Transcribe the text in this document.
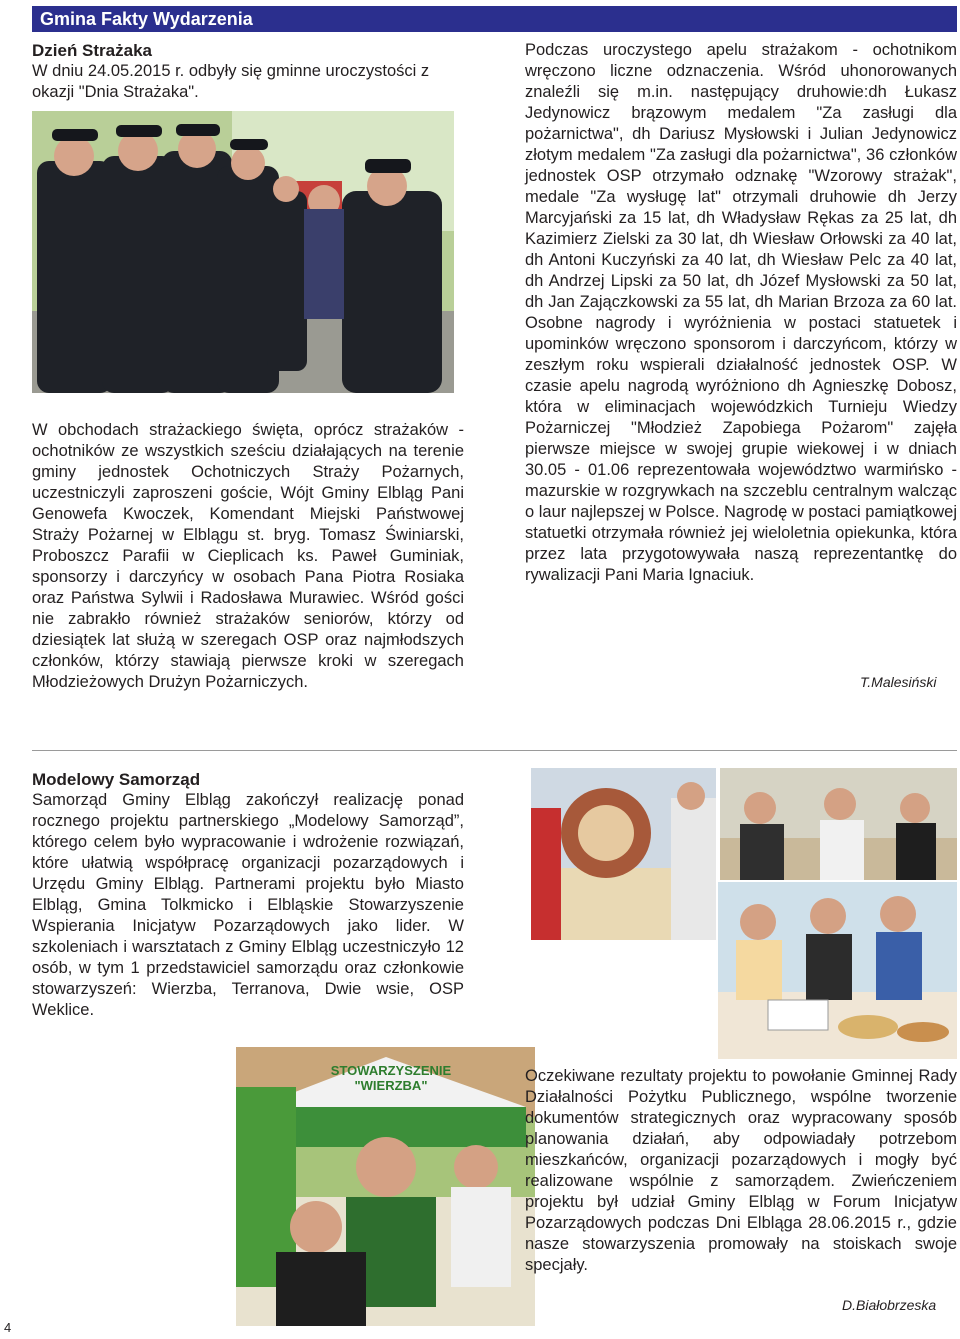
Gmina Fakty Wydarzenia

Dzień Strażaka

W dniu 24.05.2015 r. odbyły się gminne uroczystości z okazji "Dnia Strażaka".

W obchodach strażackiego święta, oprócz strażaków - ochotników ze wszystkich sześciu działających na terenie gminy jednostek Ochotniczych Straży Pożarnych, uczestniczyli zaproszeni goście, Wójt Gminy Elbląg Pani Genowefa Kwoczek, Komendant Miejski Państwowej Straży Pożarnej w Elblągu st. bryg. Tomasz Świniarski, Proboszcz Parafii w Cieplicach ks. Paweł Guminiak, sponsorzy i darczyńcy w osobach Pana Piotra Rosiaka oraz Państwa Sylwii i Radosława Murawiec. Wśród gości nie zabrakło również strażaków seniorów, którzy od dziesiątek lat służą w szeregach OSP oraz najmłodszych członków, którzy stawiają pierwsze kroki w szeregach Młodzieżowych Drużyn Pożarniczych.

Podczas uroczystego apelu strażakom - ochotnikom wręczono liczne odznaczenia. Wśród uhonorowanych znaleźli się m.in. następujący druhowie:dh Łukasz Jedynowicz brązowym medalem "Za zasługi dla pożarnictwa", dh Dariusz Mysłowski i Julian Jedynowicz złotym medalem "Za zasługi dla pożarnictwa", 36 członków jednostek OSP otrzymało odznakę "Wzorowy strażak", medale "Za wysługę lat" otrzymali druhowie dh Jerzy Marcyjański za 15 lat, dh Władysław Rękas za 25 lat, dh Kazimierz Zielski za 30 lat, dh Wiesław Orłowski za 40 lat, dh Antoni Kuczyński za 40 lat, dh Wiesław Pelc za 40 lat, dh Andrzej Lipski za 50 lat, dh Józef Mysłowski za 50 lat, dh Jan Zajączkowski za 55 lat, dh Marian Brzoza za 60 lat. Osobne nagrody i wyróżnienia w postaci statuetek i upominków wręczono sponsorom i darczyńcom, którzy w zeszłym roku wspierali działalność jednostek OSP. W czasie apelu nagrodą wyróżniono dh Agnieszkę Dobosz, która w eliminacjach wojewódzkich Turnieju Wiedzy Pożarniczej "Młodzież Zapobiega Pożarom" zajęła pierwsze miejsce w swojej grupie wiekowej i w dniach 30.05 - 01.06 reprezentowała województwo warmińsko - mazurskie w rozgrywkach na szczeblu centralnym walcząc o laur najlepszej w Polsce. Nagrodę w postaci pamiątkowej statuetki otrzymała również jej wieloletnia opiekunka, która przez lata przygotowywała naszą reprezentantkę do rywalizacji Pani Maria Ignaciuk.

T.Malesiński

Modelowy Samorząd

Samorząd Gminy Elbląg zakończył realizację ponad rocznego projektu partnerskiego „Modelowy Samorząd”, którego celem było wypracowanie i wdrożenie rozwiązań, które ułatwią współpracę organizacji pozarządowych i Urzędu Gminy Elbląg. Partnerami projektu było Miasto Elbląg, Gmina Tolkmicko i Elbląskie Stowarzyszenie Wspierania Inicjatyw Pozarządowych jako lider. W szkoleniach i warsztatach z Gminy Elbląg uczestniczyło 12 osób, w tym 1 przedstawiciel samorządu oraz członkowie stowarzyszeń: Wierzba, Terranova, Dwie wsie, OSP Weklice.

STOWARZYSZENIE "WIERZBA"

Oczekiwane rezultaty projektu to powołanie Gminnej Rady Działalności Pożytku Publicznego, wspólne tworzenie dokumentów strategicznych oraz wypracowany sposób planowania działań, aby odpowiadały potrzebom mieszkańców, organizacji pozarządowych i mogły być realizowane wspólnie z samorządem. Zwieńczeniem projektu był udział Gminy Elbląg w Forum Inicjatyw Pozarządowych podczas Dni Elbląga 28.06.2015 r., gdzie nasze stowarzyszenia promowały na stoiskach swoje specjały.

D.Białobrzeska
4
